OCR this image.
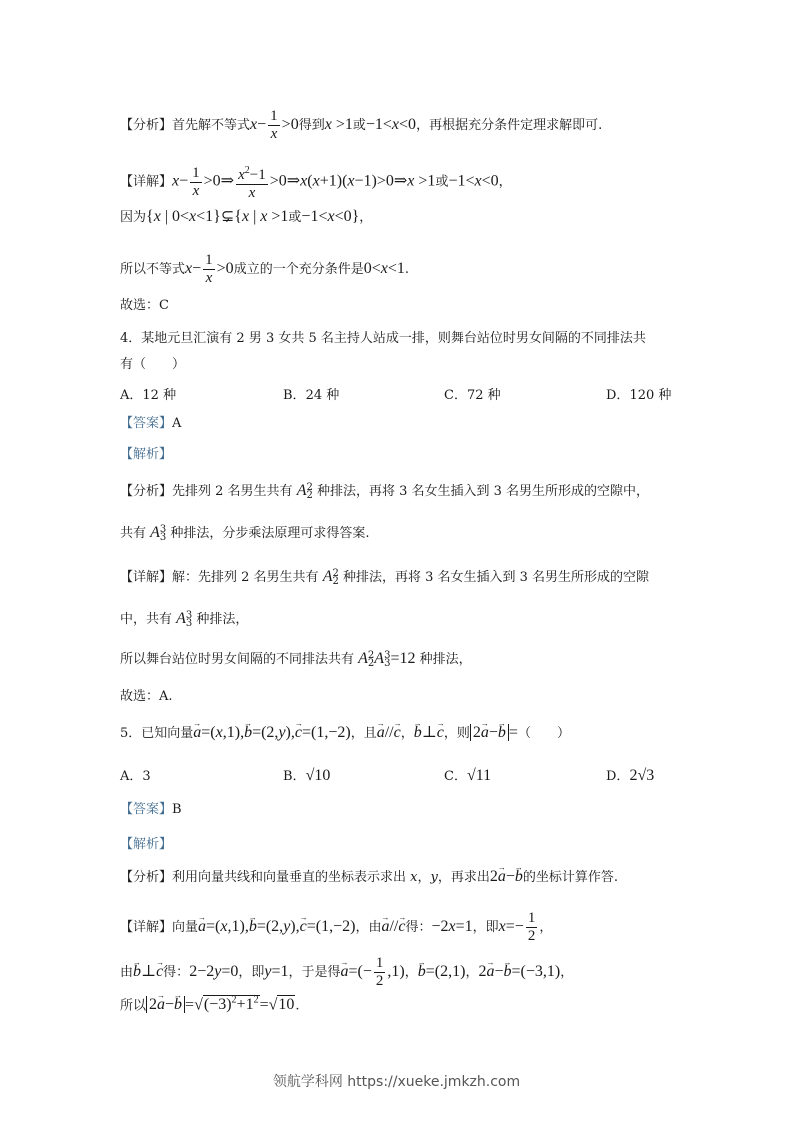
【分析】首先解不等式$x- \frac{1}{x} >0$得到x >1或−1<x<0，再根据充分条件定理求解即可.
【详解】$x- \frac{1}{x}$ >0⇒ $\frac{x^2-1}{x}$ >0⇒x(x+1)(x−1)>0⇒x >1或−1<x<0，
因为{x | 0<x<1}⊊{x | x >1或−1<x<0}，
所以不等式$x- \frac{1}{x} >0$成立的一个充分条件是0<x<1.
故选：C
4．某地元旦汇演有 2 男 3 女共 5 名主持人站成一排，则舞台站位时男女间隔的不同排法共
有（　　）
A．12 种	B．24 种	C．72 种	D．120 种
【答案】A
【解析】
【分析】先排列 2 名男生共有 A 2
2 种排法，再将 3 名女生插入到 3 名男生所形成的空隙中，
共有 A 3
3 种排法，分步乘法原理可求得答案.
【详解】解：先排列 2 名男生共有 A 2
2 种排法，再将 3 名女生插入到 3 名男生所形成的空隙
中，共有 A 3
3 种排法，
所以舞台站位时男女间隔的不同排法共有 A 2
2 A 3
3 =12 种排法，
故选：A.
5．已知向量→ a=(x,1),→ b=(2,y),→ c=(1,−2)，且→ a//→ c，→ b⊥→ c，则 2→ a−→ b =（　　）
A．3	B．√10	C．√11	D．2√3
【答案】B
【解析】
【分析】利用向量共线和向量垂直的坐标表示求出 x，y，再求出2→ a−→ b的坐标计算作答.
【详解】向量→ a=(x,1),→ b=(2,y),→ c=(1,−2)，由→ a//→ c得：−2x=1，即$x=- \frac{1}{2}$ ，
由→ b⊥→ c得：2−2y=0，即y=1，于是得→ $a=(- \frac{1}{2} ,1)$，→ b=(2,1)，2→ a−→ b=(−3,1)，
所以 $2\to a-\to b =√(-3)^2+1^2=√10$.
领航学科网 https://xueke.jmkzh.com
